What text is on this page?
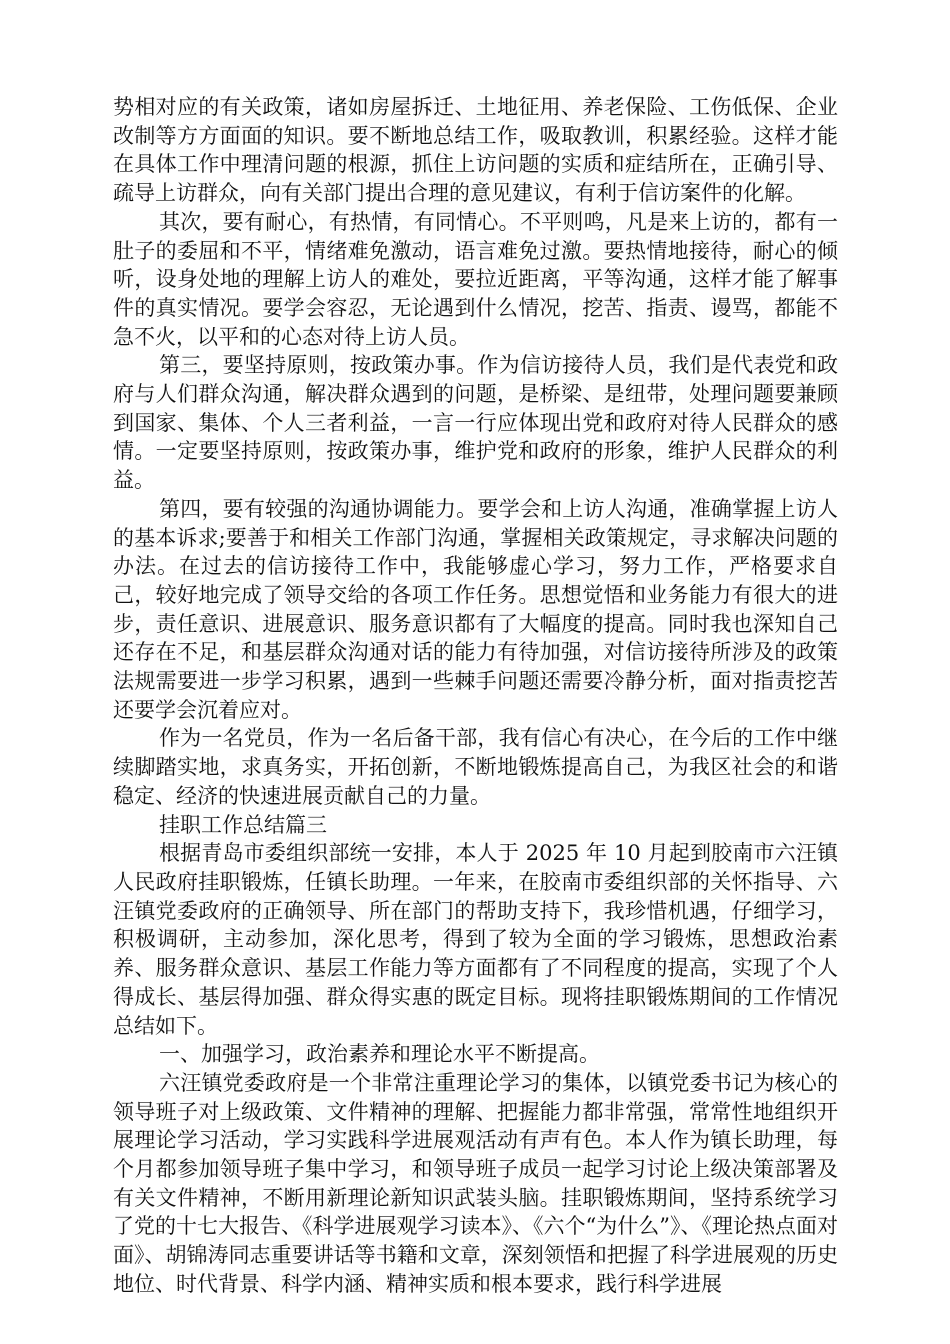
势相对应的有关政策，诸如房屋拆迁、土地征用、养老保险、工伤低保、企业改制等方方面面的知识。要不断地总结工作，吸取教训，积累经验。这样才能在具体工作中理清问题的根源，抓住上访问题的实质和症结所在，正确引导、疏导上访群众，向有关部门提出合理的意见建议，有利于信访案件的化解。

其次，要有耐心，有热情，有同情心。不平则鸣，凡是来上访的，都有一肚子的委屈和不平，情绪难免激动，语言难免过激。要热情地接待，耐心的倾听，设身处地的理解上访人的难处，要拉近距离，平等沟通，这样才能了解事件的真实情况。要学会容忍，无论遇到什么情况，挖苦、指责、谩骂，都能不急不火，以平和的心态对待上访人员。

第三，要坚持原则，按政策办事。作为信访接待人员，我们是代表党和政府与人们群众沟通，解决群众遇到的问题，是桥梁、是纽带，处理问题要兼顾到国家、集体、个人三者利益，一言一行应体现出党和政府对待人民群众的感情。一定要坚持原则，按政策办事，维护党和政府的形象，维护人民群众的利益。

第四，要有较强的沟通协调能力。要学会和上访人沟通，准确掌握上访人的基本诉求;要善于和相关工作部门沟通，掌握相关政策规定，寻求解决问题的办法。在过去的信访接待工作中，我能够虚心学习，努力工作，严格要求自己，较好地完成了领导交给的各项工作任务。思想觉悟和业务能力有很大的进步，责任意识、进展意识、服务意识都有了大幅度的提高。同时我也深知自己还存在不足，和基层群众沟通对话的能力有待加强，对信访接待所涉及的政策法规需要进一步学习积累，遇到一些棘手问题还需要冷静分析，面对指责挖苦还要学会沉着应对。

作为一名党员，作为一名后备干部，我有信心有决心，在今后的工作中继续脚踏实地，求真务实，开拓创新，不断地锻炼提高自己，为我区社会的和谐稳定、经济的快速进展贡献自己的力量。

挂职工作总结篇三

根据青岛市委组织部统一安排，本人于 2025 年 10 月起到胶南市六汪镇人民政府挂职锻炼，任镇长助理。一年来，在胶南市委组织部的关怀指导、六汪镇党委政府的正确领导、所在部门的帮助支持下，我珍惜机遇，仔细学习，积极调研，主动参加，深化思考，得到了较为全面的学习锻炼，思想政治素养、服务群众意识、基层工作能力等方面都有了不同程度的提高，实现了个人得成长、基层得加强、群众得实惠的既定目标。现将挂职锻炼期间的工作情况总结如下。

一、加强学习，政治素养和理论水平不断提高。

六汪镇党委政府是一个非常注重理论学习的集体，以镇党委书记为核心的领导班子对上级政策、文件精神的理解、把握能力都非常强，常常性地组织开展理论学习活动，学习实践科学进展观活动有声有色。本人作为镇长助理，每个月都参加领导班子集中学习，和领导班子成员一起学习讨论上级决策部署及有关文件精神，不断用新理论新知识武装头脑。挂职锻炼期间，坚持系统学习了党的十七大报告、《科学进展观学习读本》、《六个“为什么”》、《理论热点面对面》、胡锦涛同志重要讲话等书籍和文章，深刻领悟和把握了科学进展观的历史地位、时代背景、科学内涵、精神实质和根本要求，践行科学进展
